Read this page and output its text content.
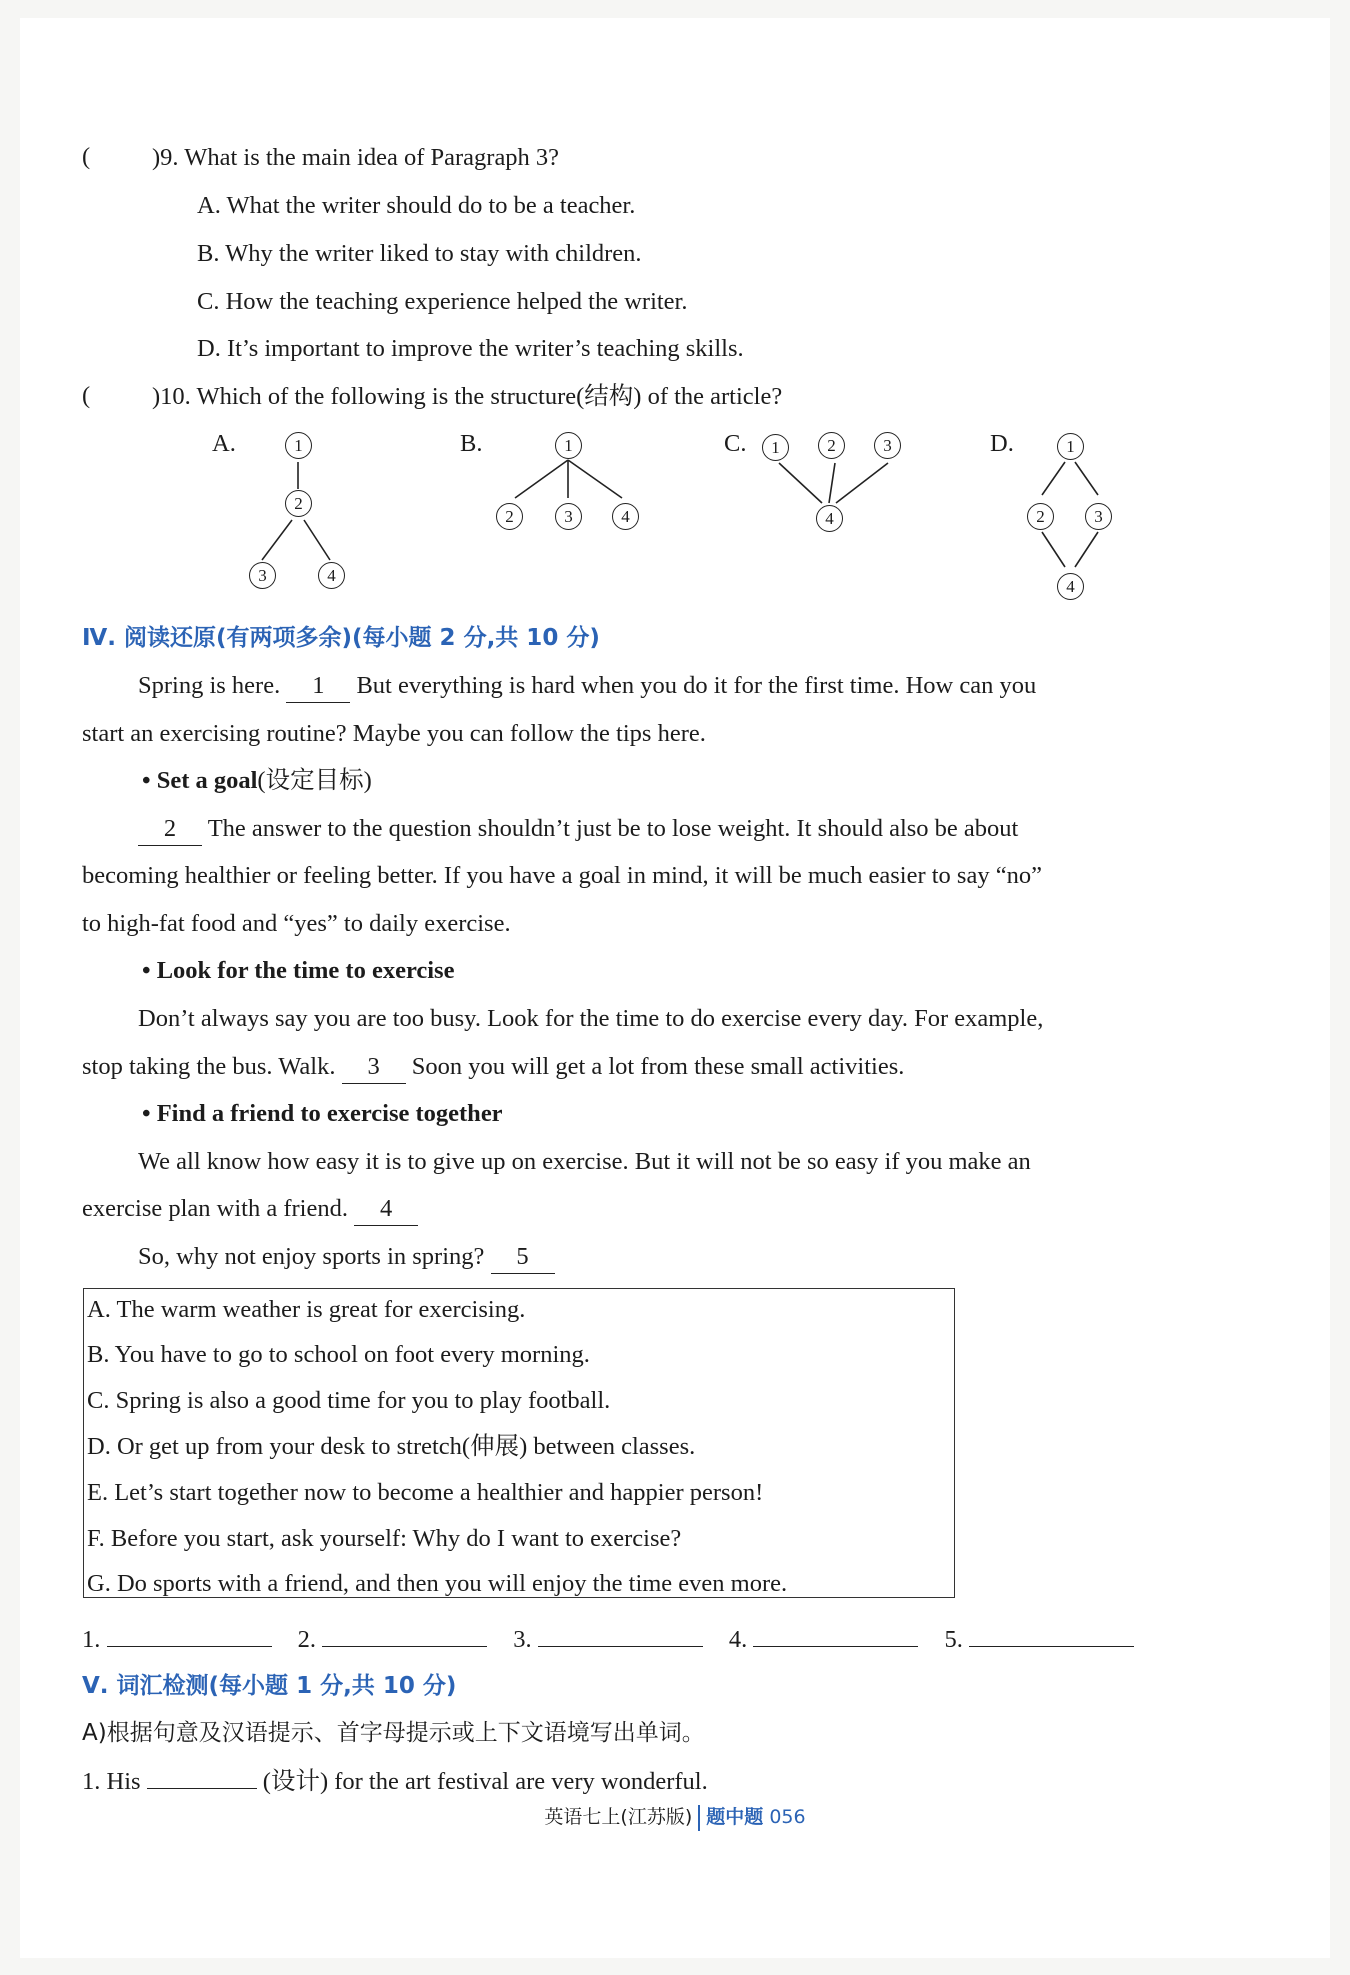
(	)9. What is the main idea of Paragraph 3?
A. What the writer should do to be a teacher.
B. Why the writer liked to stay with children.
C. How the teaching experience helped the writer.
D. It’s important to improve the writer’s teaching skills.
(	)10. Which of the following is the structure(结构) of the article?
A.	1
2
3	4
B.	1
2	3	4
C.	1	2	3
4
D.	1
2	3
4
Ⅳ. 阅读还原(有两项多余)(每小题 2 分,共 10 分)
Spring is here. 1 But everything is hard when you do it for the first time. How can you
start an exercising routine? Maybe you can follow the tips here.
• Set a goal(设定目标)
2 The answer to the question shouldn’t just be to lose weight. It should also be about
becoming healthier or feeling better. If you have a goal in mind, it will be much easier to say “no”
to high-fat food and “yes” to daily exercise.
• Look for the time to exercise
Don’t always say you are too busy. Look for the time to do exercise every day. For example,
stop taking the bus. Walk. 3 Soon you will get a lot from these small activities.
• Find a friend to exercise together
We all know how easy it is to give up on exercise. But it will not be so easy if you make an
exercise plan with a friend. 4
So, why not enjoy sports in spring? 5
A. The warm weather is great for exercising.
B. You have to go to school on foot every morning.
C. Spring is also a good time for you to play football.
D. Or get up from your desk to stretch(伸展) between classes.
E. Let’s start together now to become a healthier and happier person!
F. Before you start, ask yourself: Why do I want to exercise?
G. Do sports with a friend, and then you will enjoy the time even more.
1.	2.	3.	4.	5.
Ⅴ. 词汇检测(每小题 1 分,共 10 分)
A)根据句意及汉语提示、首字母提示或上下文语境写出单词。
1. His	(设计) for the art festival are very wonderful.
英语七上(江苏版) 题中题 056
